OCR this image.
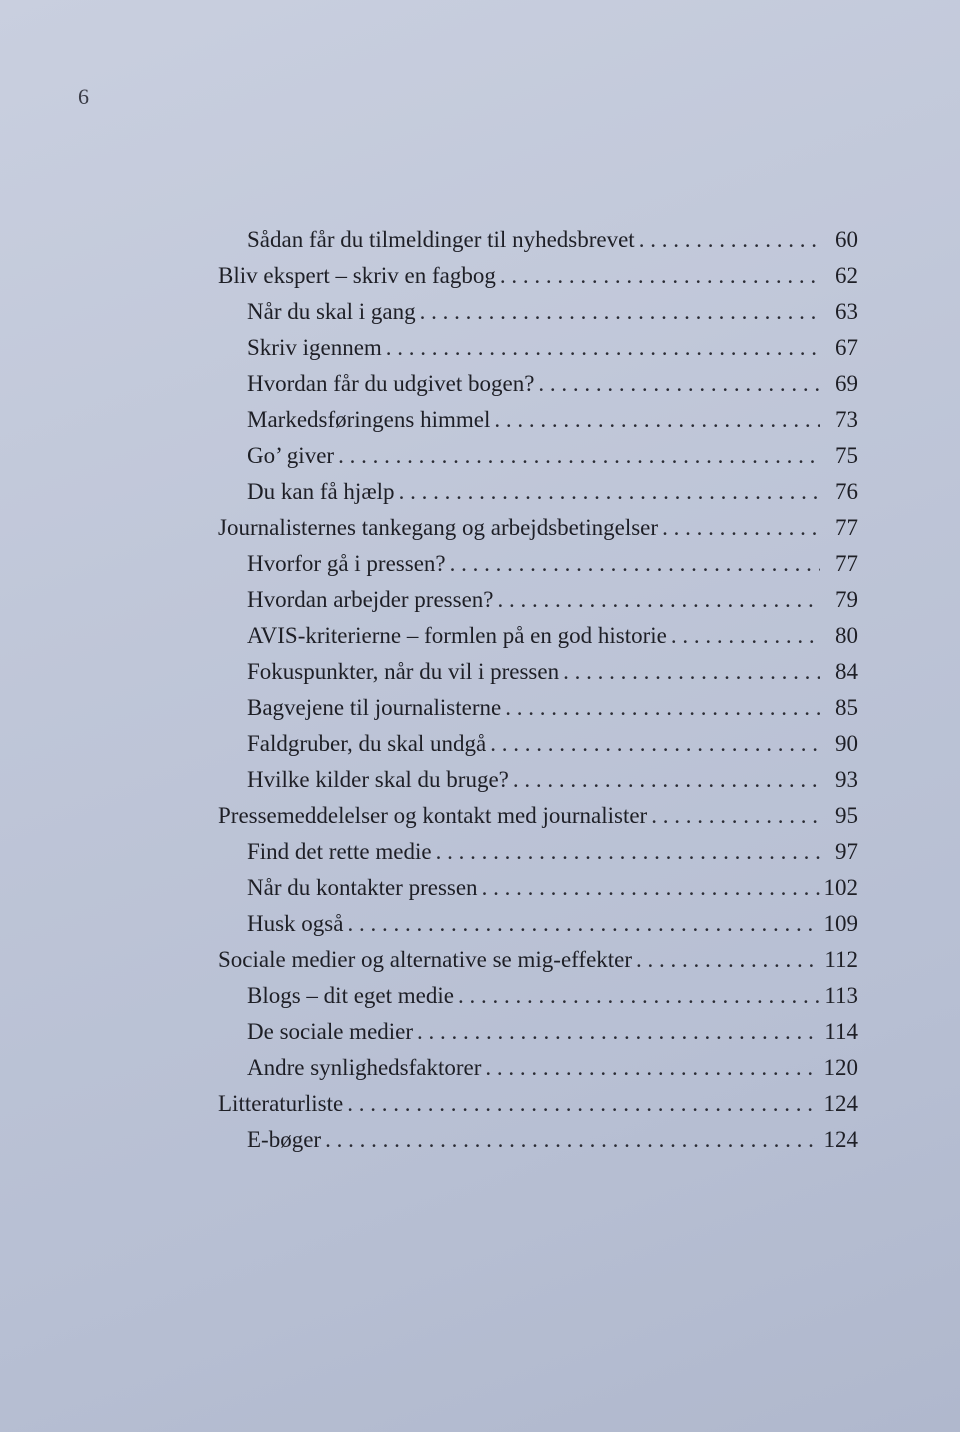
6
Sådan får du tilmeldinger til nyhedsbrevet . . .	60
Bliv ekspert – skriv en fagbog . . .	62
Når du skal i gang . . .	63
Skriv igennem . . .	67
Hvordan får du udgivet bogen? . . .	69
Markedsføringens himmel . . .	73
Go’ giver . . .	75
Du kan få hjælp . . .	76
Journalisternes tankegang og arbejdsbetingelser . . .	77
Hvorfor gå i pressen? . . .	77
Hvordan arbejder pressen? . . .	79
AVIS-kriterierne – formlen på en god historie . . .	80
Fokuspunkter, når du vil i pressen . . .	84
Bagvejene til journalisterne . . .	85
Faldgruber, du skal undgå . . .	90
Hvilke kilder skal du bruge? . . .	93
Pressemeddelelser og kontakt med journalister . . .	95
Find det rette medie . . .	97
Når du kontakter pressen . . .	102
Husk også . . .	109
Sociale medier og alternative se mig-effekter . . .	112
Blogs – dit eget medie . . .	113
De sociale medier . . .	114
Andre synlighedsfaktorer . . .	120
Litteraturliste . . .	124
E-bøger . . .	124
